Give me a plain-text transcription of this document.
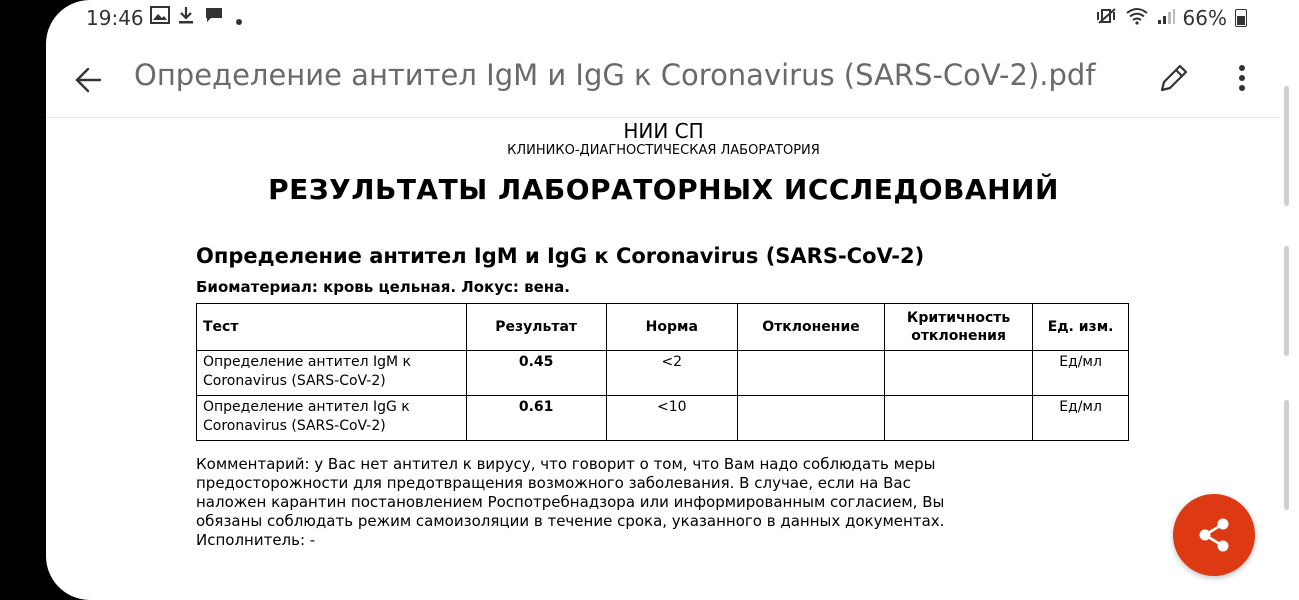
19:46	66%
Определение антител IgM и IgG к Coronavirus (SARS-CoV-2).pdf
НИИ СП
КЛИНИКО-ДИАГНОСТИЧЕСКАЯ ЛАБОРАТОРИЯ
РЕЗУЛЬТАТЫ ЛАБОРАТОРНЫХ ИССЛЕДОВАНИЙ
Определение антител IgM и IgG к Coronavirus (SARS-CoV-2)
Биоматериал: кровь цельная. Локус: вена.
Тест	Результат	Норма	Отклонение	Критичность отклонения	Ед. изм.
Определение антител IgM к Coronavirus (SARS-CoV-2)	0.45	<2			Ед/мл
Определение антител IgG к Coronavirus (SARS-CoV-2)	0.61	<10			Ед/мл
Комментарий: у Вас нет антител к вирусу, что говорит о том, что Вам надо соблюдать меры
предосторожности для предотвращения возможного заболевания. В случае, если на Вас
наложен карантин постановлением Роспотребнадзора или информированным согласием, Вы
обязаны соблюдать режим самоизоляции в течение срока, указанного в данных документах.
Исполнитель: -
